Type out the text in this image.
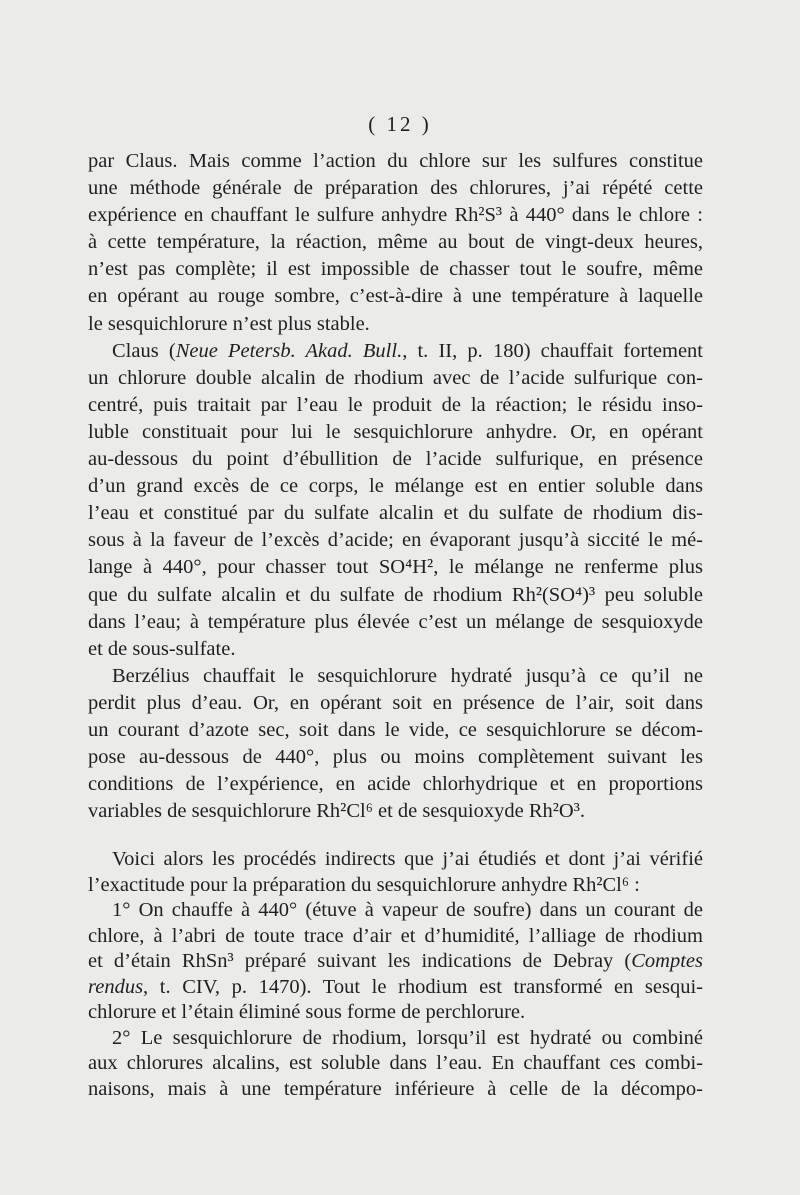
( 12 )

par Claus. Mais comme l’action du chlore sur les sulfures constitue

une méthode générale de préparation des chlorures, j’ai répété cette

expérience en chauffant le sulfure anhydre Rh²S³ à 440° dans le chlore :

à cette température, la réaction, même au bout de vingt-deux heures,

n’est pas complète; il est impossible de chasser tout le soufre, même

en opérant au rouge sombre, c’est-à-dire à une température à laquelle

le sesquichlorure n’est plus stable.

Claus (Neue Petersb. Akad. Bull., t. II, p. 180) chauffait fortement

un chlorure double alcalin de rhodium avec de l’acide sulfurique con-

centré, puis traitait par l’eau le produit de la réaction; le résidu inso-

luble constituait pour lui le sesquichlorure anhydre. Or, en opérant

au-dessous du point d’ébullition de l’acide sulfurique, en présence

d’un grand excès de ce corps, le mélange est en entier soluble dans

l’eau et constitué par du sulfate alcalin et du sulfate de rhodium dis-

sous à la faveur de l’excès d’acide; en évaporant jusqu’à siccité le mé-

lange à 440°, pour chasser tout SO⁴H², le mélange ne renferme plus

que du sulfate alcalin et du sulfate de rhodium Rh²(SO⁴)³ peu soluble

dans l’eau; à température plus élevée c’est un mélange de sesquioxyde

et de sous-sulfate.

Berzélius chauffait le sesquichlorure hydraté jusqu’à ce qu’il ne

perdit plus d’eau. Or, en opérant soit en présence de l’air, soit dans

un courant d’azote sec, soit dans le vide, ce sesquichlorure se décom-

pose au-dessous de 440°, plus ou moins complètement suivant les

conditions de l’expérience, en acide chlorhydrique et en proportions

variables de sesquichlorure Rh²Cl⁶ et de sesquioxyde Rh²O³.

Voici alors les procédés indirects que j’ai étudiés et dont j’ai vérifié

l’exactitude pour la préparation du sesquichlorure anhydre Rh²Cl⁶ :

1° On chauffe à 440° (étuve à vapeur de soufre) dans un courant de

chlore, à l’abri de toute trace d’air et d’humidité, l’alliage de rhodium

et d’étain RhSn³ préparé suivant les indications de Debray (Comptes

rendus, t. CIV, p. 1470). Tout le rhodium est transformé en sesqui-

chlorure et l’étain éliminé sous forme de perchlorure.

2° Le sesquichlorure de rhodium, lorsqu’il est hydraté ou combiné

aux chlorures alcalins, est soluble dans l’eau. En chauffant ces combi-

naisons, mais à une température inférieure à celle de la décompo-
